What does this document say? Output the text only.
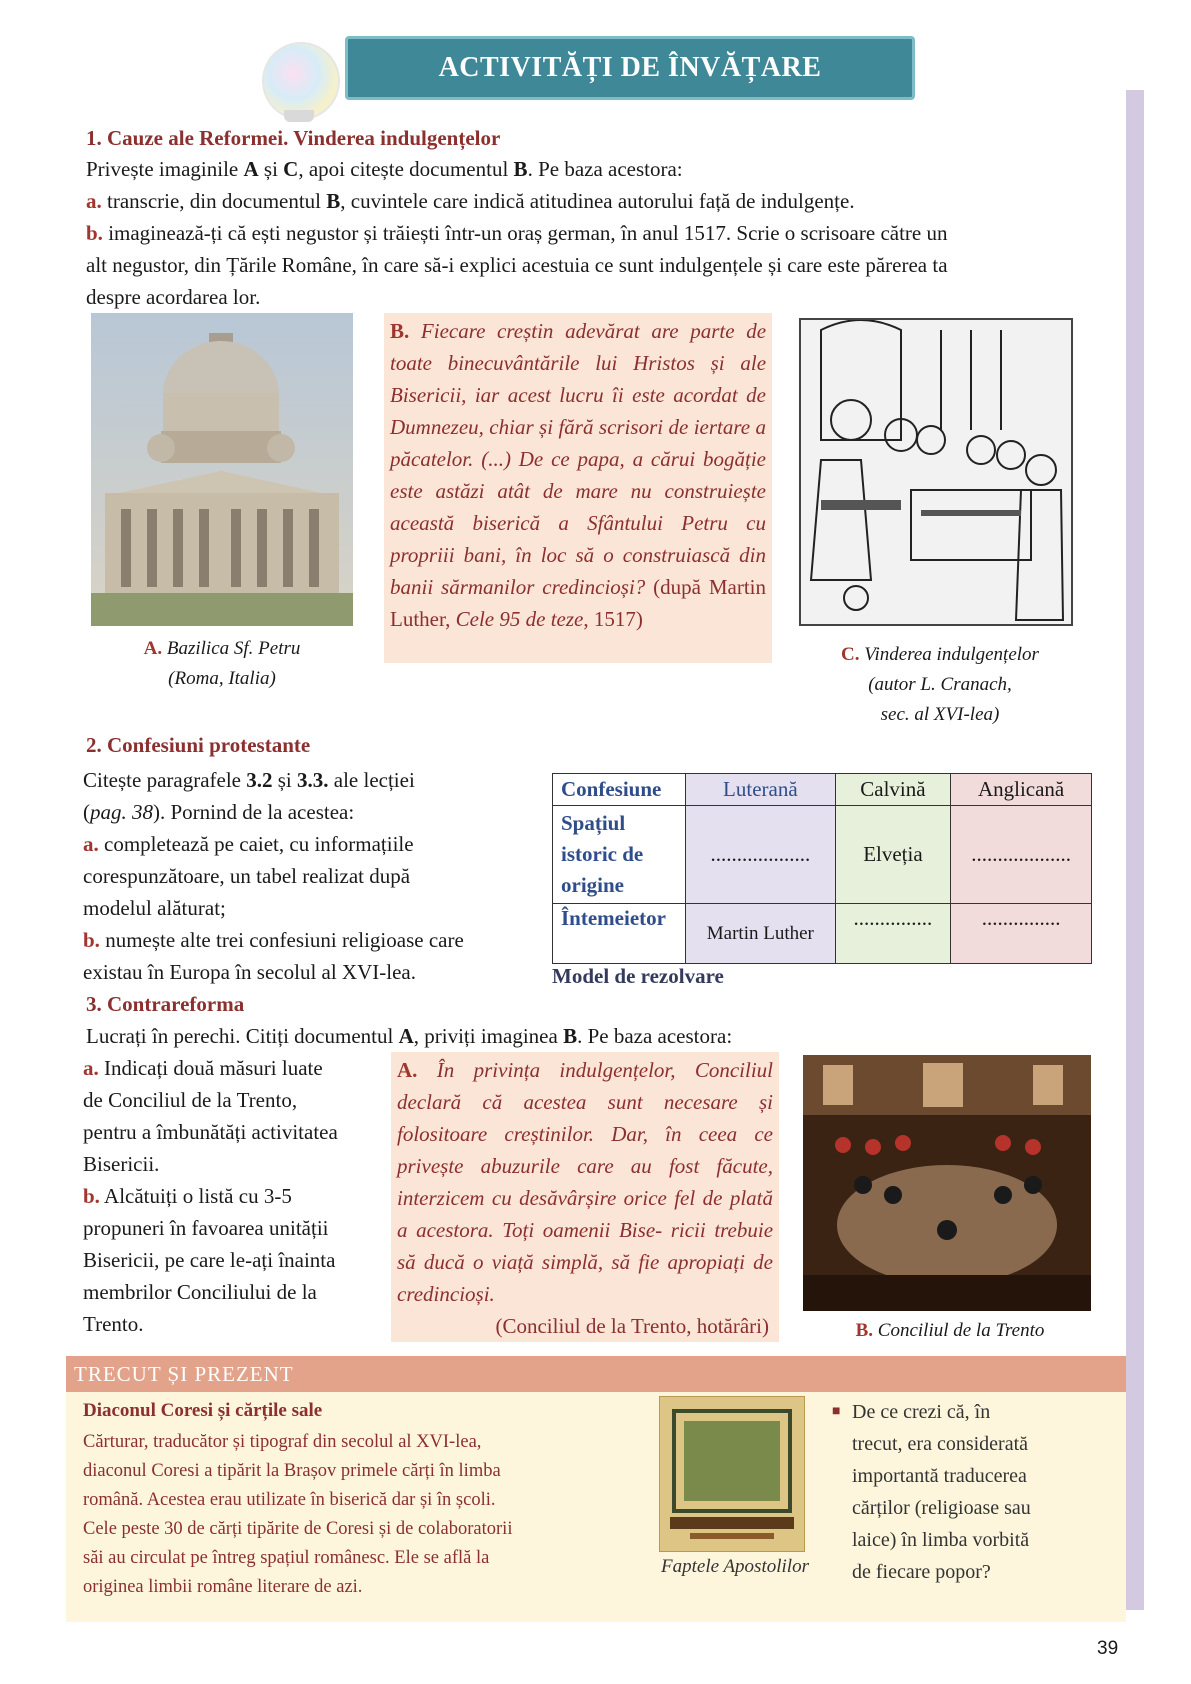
ACTIVITĂȚI DE ÎNVĂȚARE
1. Cauze ale Reformei. Vinderea indulgențelor
Privește imaginile A și C, apoi citește documentul B. Pe baza acestora:
a. transcrie, din documentul B, cuvintele care indică atitudinea autorului față de indulgențe.
b. imaginează-ți că ești negustor și trăiești într-un oraș german, în anul 1517. Scrie o scrisoare către un
alt negustor, din Țările Române, în care să-i explici acestuia ce sunt indulgențele și care este părerea ta
despre acordarea lor.
A. Bazilica Sf. Petru
(Roma, Italia)
B. Fiecare creștin adevărat are parte de toate binecuvântările lui Hristos și ale Bisericii, iar acest lucru îi este acordat de Dumnezeu, chiar și fără scrisori de iertare a păcatelor. (...) De ce papa, a cărui bogăție este astăzi atât de mare nu construiește această biserică a Sfântului Petru cu propriii bani, în loc să o construiască din banii sărmanilor credincioși? (după Martin Luther, Cele 95 de teze, 1517)
C. Vinderea indulgențelor
(autor L. Cranach,
sec. al XVI-lea)
2. Confesiuni protestante
Citește paragrafele 3.2 și 3.3. ale lecției
(pag. 38). Pornind de la acestea:
a. completează pe caiet, cu informațiile
corespunzătoare, un tabel realizat după
modelul alăturat;
b. numește alte trei confesiuni religioase care
existau în Europa în secolul al XVI-lea.
Confesiune	Luterană	Calvină	Anglicană
Spațiul istoric de origine	...................	Elveția	...................
Întemeietor	Martin Luther	...............	...............
Model de rezolvare
3. Contrareforma
Lucrați în perechi. Citiți documentul A, priviți imaginea B. Pe baza acestora:
a. Indicați două măsuri luate
de Conciliul de la Trento,
pentru a îmbunătăți activitatea
Bisericii.
b. Alcătuiți o listă cu 3-5
propuneri în favoarea unității
Bisericii, pe care le-ați înainta
membrilor Conciliului de la
Trento.
A. În privința indulgențelor, Conciliul declară că acestea sunt necesare și folositoare creștinilor. Dar, în ceea ce privește abuzurile care au fost făcute, interzicem cu desăvârșire orice fel de plată a acestora. Toți oamenii Bise- ricii trebuie să ducă o viață simplă, să fie apropiați de credincioși.
(Conciliul de la Trento, hotărâri)	B. Conciliul de la Trento
TRECUT ȘI PREZENT
Diaconul Coresi și cărțile sale
Cărturar, traducător și tipograf din secolul al XVI-lea,
diaconul Coresi a tipărit la Brașov primele cărți în limba
română. Acestea erau utilizate în biserică dar și în școli.
Cele peste 30 de cărți tipărite de Coresi și de colaboratorii
săi au circulat pe întreg spațiul românesc. Ele se află la
originea limbii române literare de azi.
Faptele Apostolilor
■ De ce crezi că, în
trecut, era considerată
importantă traducerea
cărților (religioase sau
laice) în limba vorbită
de fiecare popor?
39
